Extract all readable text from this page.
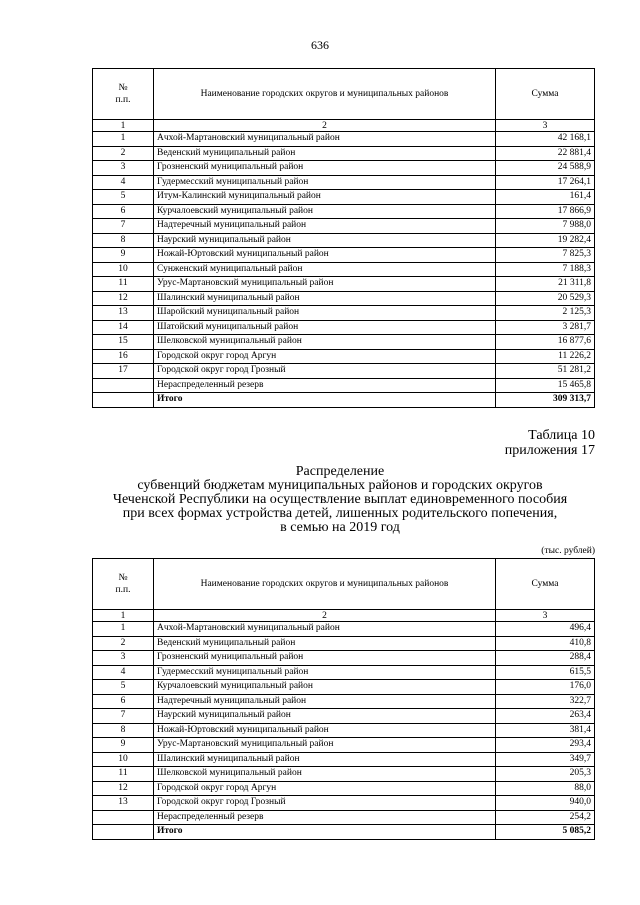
636
№
п.п.	Наименование городских округов и муниципальных районов	Сумма
1	2	3
1	Ачхой-Мартановский муниципальный район	42 168,1
2	Веденский муниципальный район	22 881,4
3	Грозненский муниципальный район	24 588,9
4	Гудермесский муниципальный район	17 264,1
5	Итум-Калинский муниципальный район	161,4
6	Курчалоевский муниципальный район	17 866,9
7	Надтеречный муниципальный район	7 988,0
8	Наурский муниципальный район	19 282,4
9	Ножай-Юртовский муниципальный район	7 825,3
10	Сунженский муниципальный район	7 188,3
11	Урус-Мартановский муниципальный район	21 311,8
12	Шалинский муниципальный район	20 529,3
13	Шаройский муниципальный район	2 125,3
14	Шатойский муниципальный район	3 281,7
15	Шелковской муниципальный район	16 877,6
16	Городской округ город Аргун	11 226,2
17	Городской округ город Грозный	51 281,2
	Нераспределенный резерв	15 465,8
	Итого	309 313,7
Таблица 10
приложения 17
Распределение
субвенций бюджетам муниципальных районов и городских округов
Чеченской Республики на осуществление выплат единовременного пособия
при всех формах устройства детей, лишенных родительского попечения,
в семью на 2019 год
(тыс. рублей)
№
п.п.	Наименование городских округов и муниципальных районов	Сумма
1	2	3
1	Ачхой-Мартановский муниципальный район	496,4
2	Веденский муниципальный район	410,8
3	Грозненский муниципальный район	288,4
4	Гудермесский муниципальный район	615,5
5	Курчалоевский муниципальный район	176,0
6	Надтеречный муниципальный район	322,7
7	Наурский муниципальный район	263,4
8	Ножай-Юртовский муниципальный район	381,4
9	Урус-Мартановский муниципальный район	293,4
10	Шалинский муниципальный район	349,7
11	Шелковской муниципальный район	205,3
12	Городской округ город Аргун	88,0
13	Городской округ город Грозный	940,0
	Нераспределенный резерв	254,2
	Итого	5 085,2
